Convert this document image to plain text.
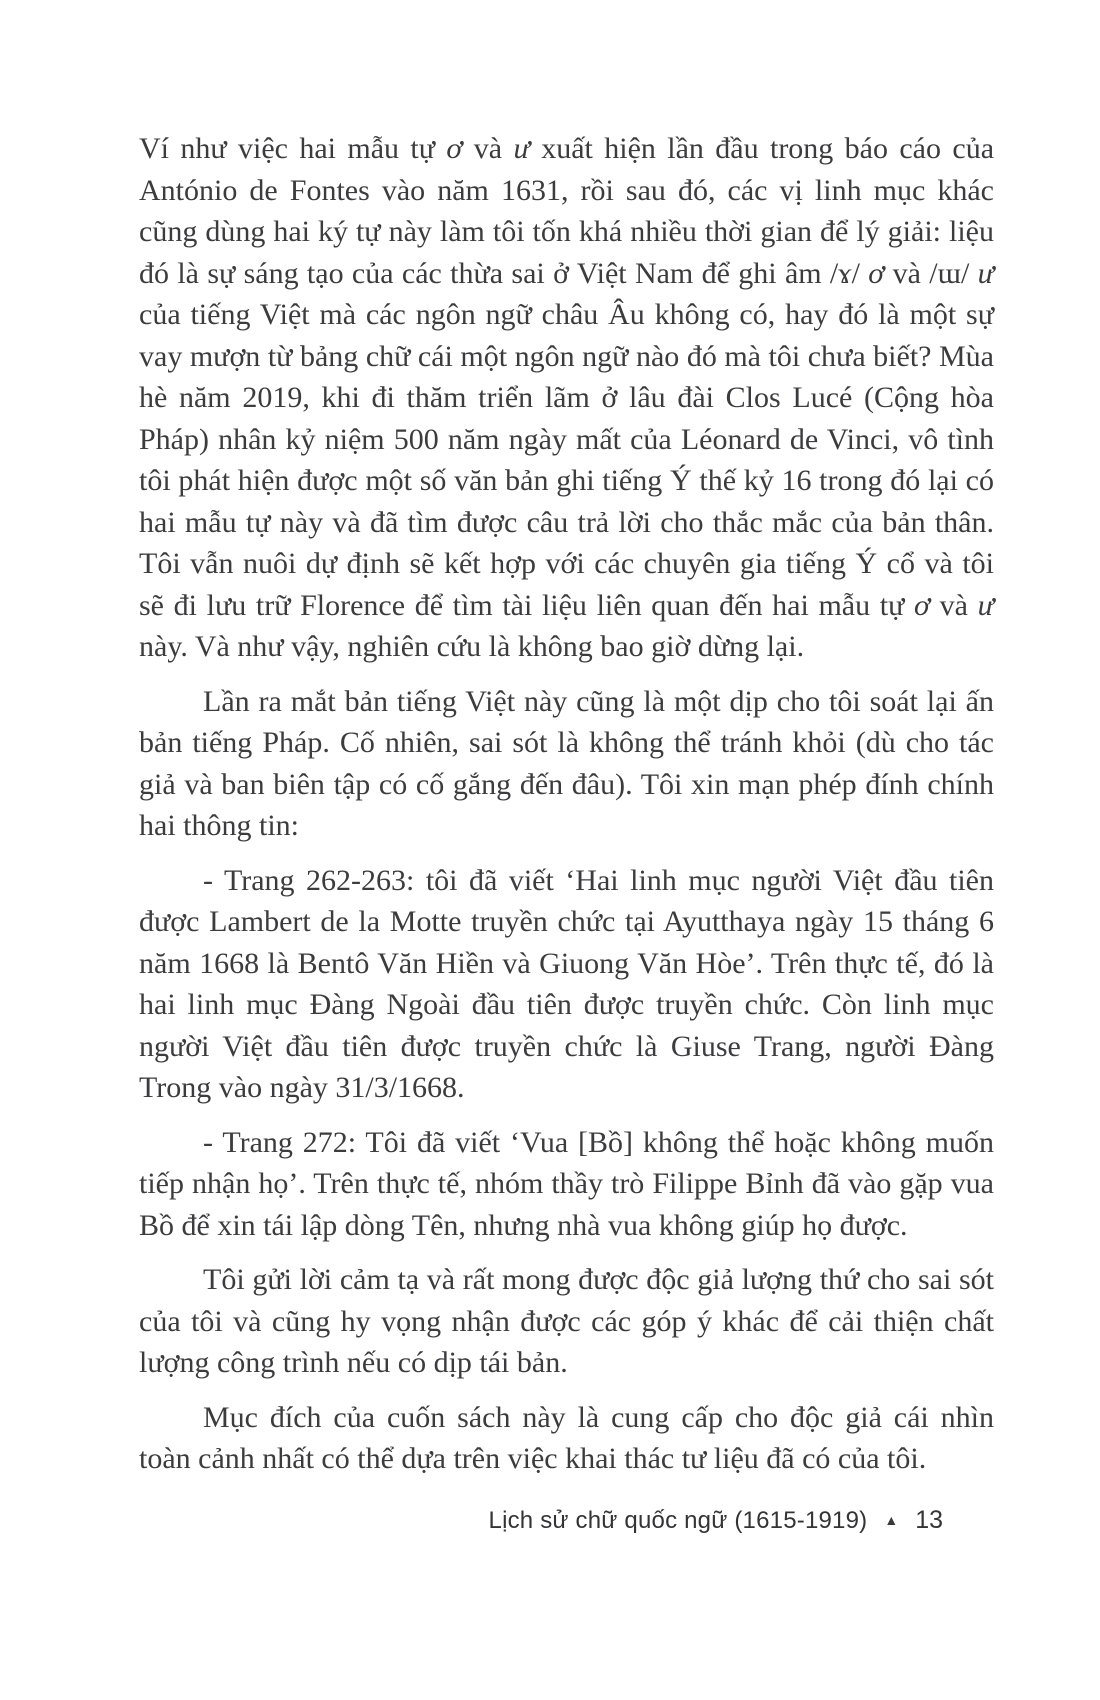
Ví như việc hai mẫu tự ơ và ư xuất hiện lần đầu trong báo cáo của António de Fontes vào năm 1631, rồi sau đó, các vị linh mục khác cũng dùng hai ký tự này làm tôi tốn khá nhiều thời gian để lý giải: liệu đó là sự sáng tạo của các thừa sai ở Việt Nam để ghi âm /ɤ/ ơ và /ɯ/ ư của tiếng Việt mà các ngôn ngữ châu Âu không có, hay đó là một sự vay mượn từ bảng chữ cái một ngôn ngữ nào đó mà tôi chưa biết? Mùa hè năm 2019, khi đi thăm triển lãm ở lâu đài Clos Lucé (Cộng hòa Pháp) nhân kỷ niệm 500 năm ngày mất của Léonard de Vinci, vô tình tôi phát hiện được một số văn bản ghi tiếng Ý thế kỷ 16 trong đó lại có hai mẫu tự này và đã tìm được câu trả lời cho thắc mắc của bản thân. Tôi vẫn nuôi dự định sẽ kết hợp với các chuyên gia tiếng Ý cổ và tôi sẽ đi lưu trữ Florence để tìm tài liệu liên quan đến hai mẫu tự ơ và ư này. Và như vậy, nghiên cứu là không bao giờ dừng lại.

Lần ra mắt bản tiếng Việt này cũng là một dịp cho tôi soát lại ấn bản tiếng Pháp. Cố nhiên, sai sót là không thể tránh khỏi (dù cho tác giả và ban biên tập có cố gắng đến đâu). Tôi xin mạn phép đính chính hai thông tin:

- Trang 262-263: tôi đã viết ‘Hai linh mục người Việt đầu tiên được Lambert de la Motte truyền chức tại Ayutthaya ngày 15 tháng 6 năm 1668 là Bentô Văn Hiền và Giuong Văn Hòe’. Trên thực tế, đó là hai linh mục Đàng Ngoài đầu tiên được truyền chức. Còn linh mục người Việt đầu tiên được truyền chức là Giuse Trang, người Đàng Trong vào ngày 31/3/1668.

- Trang 272: Tôi đã viết ‘Vua [Bồ] không thể hoặc không muốn tiếp nhận họ’. Trên thực tế, nhóm thầy trò Filippe Bỉnh đã vào gặp vua Bồ để xin tái lập dòng Tên, nhưng nhà vua không giúp họ được.

Tôi gửi lời cảm tạ và rất mong được độc giả lượng thứ cho sai sót của tôi và cũng hy vọng nhận được các góp ý khác để cải thiện chất lượng công trình nếu có dịp tái bản.

Mục đích của cuốn sách này là cung cấp cho độc giả cái nhìn toàn cảnh nhất có thể dựa trên việc khai thác tư liệu đã có của tôi.

Lịch sử chữ quốc ngữ (1615-1919) ▲ 13
